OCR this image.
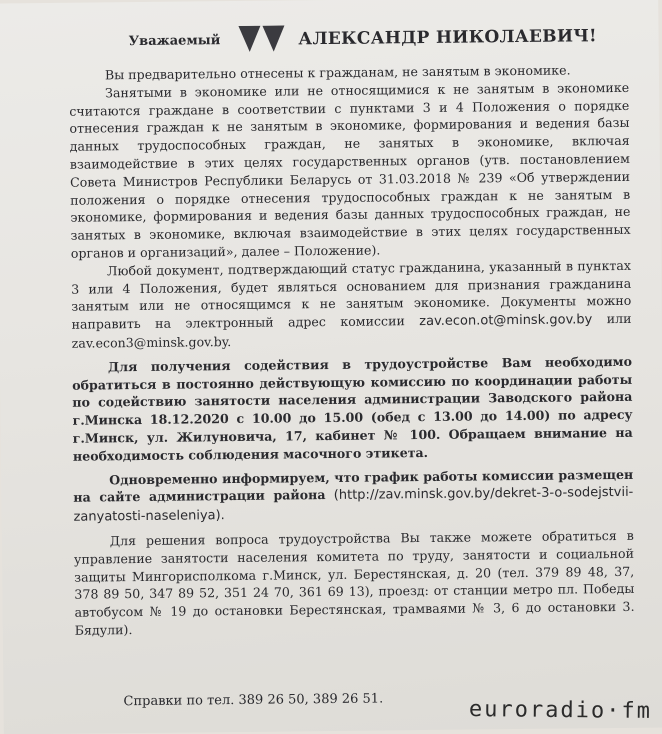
Уважаемый	АЛЕКСАНДР НИКОЛАЕВИЧ!

Вы предварительно отнесены к гражданам, не занятым в экономике.

Занятыми в экономике или не относящимися к не занятым в экономике считаются граждане в соответствии с пунктами 3 и 4 Положения о порядке отнесения граждан к не занятым в экономике, формирования и ведения базы данных трудоспособных граждан, не занятых в экономике, включая взаимодействие в этих целях государственных органов (утв. постановлением Совета Министров Республики Беларусь от 31.03.2018 № 239 «Об утверждении положения о порядке отнесения трудоспособных граждан к не занятым в экономике, формирования и ведения базы данных трудоспособных граждан, не занятых в экономике, включая взаимодействие в этих целях государственных органов и организаций», далее – Положение).

Любой документ, подтверждающий статус гражданина, указанный в пунктах 3 или 4 Положения, будет являться основанием для признания гражданина занятым или не относящимся к не занятым экономике. Документы можно направить на электронный адрес комиссии zav.econ.ot@minsk.gov.by или zav.econ3@minsk.gov.by.

Для получения содействия в трудоустройстве Вам необходимо обратиться в постоянно действующую комиссию по координации работы по содействию занятости населения администрации Заводского района г.Минска 18.12.2020 с 10.00 до 15.00 (обед с 13.00 до 14.00) по адресу г.Минск, ул. Жилуновича, 17, кабинет № 100. Обращаем внимание на необходимость соблюдения масочного этикета.

Одновременно информируем, что график работы комиссии размещен на сайте администрации района (http://zav.minsk.gov.by/dekret-3-o-sodejstvii-zanyatosti-naseleniya).

Для решения вопроса трудоустройства Вы также можете обратиться в управление занятости населения комитета по труду, занятости и социальной защиты Мингорисполкома г.Минск, ул. Берестянская, д. 20 (тел. 379 89 48, 37, 378 89 50, 347 89 52, 351 24 70, 361 69 13), проезд: от станции метро пл. Победы автобусом № 19 до остановки Берестянская, трамваями № 3, 6 до остановки 3. Бядули).

Справки по тел. 389 26 50, 389 26 51.	euroradio·fm
